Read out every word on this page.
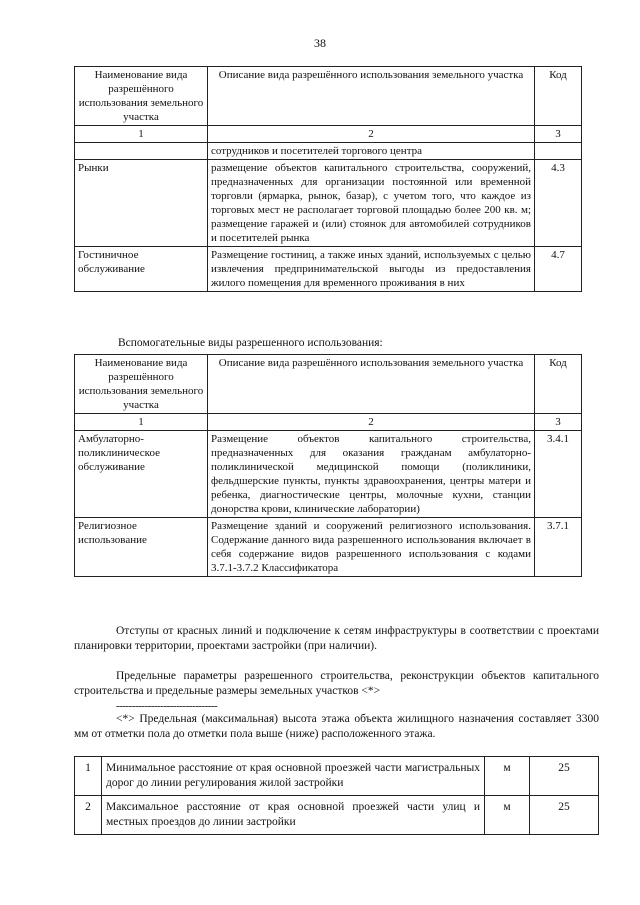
38
Наименование вида разрешённого использования земельного участка	Описание вида разрешённого использования земельного участка	Код
1	2	3
	сотрудников и посетителей торгового центра	
Рынки	размещение объектов капитального строительства, сооружений, предназначенных для организации постоянной или временной торговли (ярмарка, рынок, базар), с учетом того, что каждое из торговых мест не располагает торговой площадью более 200 кв. м; размещение гаражей и (или) стоянок для автомобилей сотрудников и посетителей рынка	4.3
Гостиничное обслуживание	Размещение гостиниц, а также иных зданий, используемых с целью извлечения предпринимательской выгоды из предоставления жилого помещения для временного проживания в них	4.7
Вспомогательные виды разрешенного использования:
Наименование вида разрешённого использования земельного участка	Описание вида разрешённого использования земельного участка	Код
1	2	3
Амбулаторно-поликлиническое обслуживание	Размещение объектов капитального строительства, предназначенных для оказания гражданам амбулаторно-поликлинической медицинской помощи (поликлиники, фельдшерские пункты, пункты здравоохранения, центры матери и ребенка, диагностические центры, молочные кухни, станции донорства крови, клинические лаборатории)	3.4.1
Религиозное использование	Размещение зданий и сооружений религиозного использования. Содержание данного вида разрешенного использования включает в себя содержание видов разрешенного использования с кодами 3.7.1-3.7.2 Классификатора	3.7.1
Отступы от красных линий и подключение к сетям инфраструктуры в соответствии с проектами планировки территории, проектами застройки (при наличии).
Предельные параметры разрешенного строительства, реконструкции объектов капитального строительства и предельные размеры земельных участков <*>
--------------------------------
<*> Предельная (максимальная) высота этажа объекта жилищного назначения составляет 3300 мм от отметки пола до отметки пола выше (ниже) расположенного этажа.
1	Минимальное расстояние от края основной проезжей части магистральных дорог до линии регулирования жилой застройки	м	25
2	Максимальное расстояние от края основной проезжей части улиц и местных проездов до линии застройки	м	25
